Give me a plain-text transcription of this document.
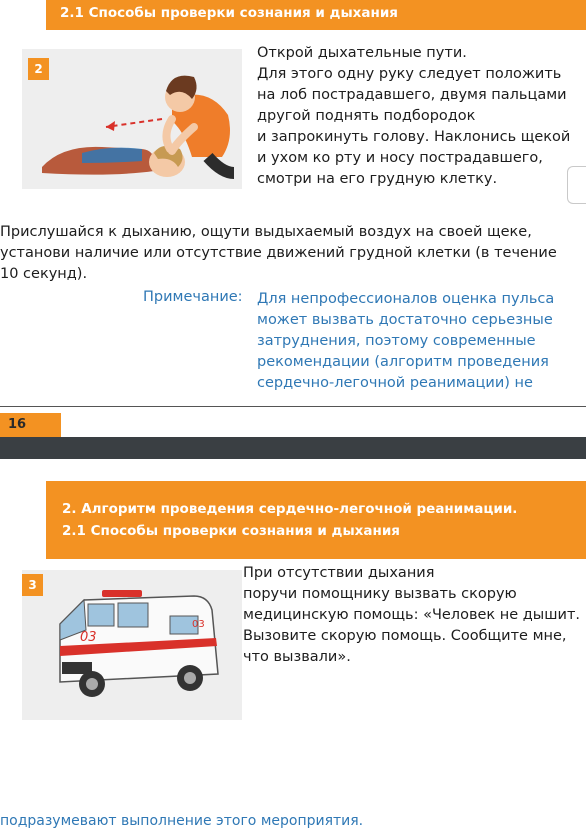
2.1 Способы проверки сознания и дыхания
2
Открой дыхательные пути.
Для этого одну руку следует положить
на лоб пострадавшего, двумя пальцами
другой поднять подбородок
и запрокинуть голову. Наклонись щекой
и ухом ко рту и носу пострадавшего,
смотри на его грудную клетку.
Прислушайся к дыханию, ощути выдыхаемый воздух на своей щеке,
установи наличие или отсутствие движений грудной клетки (в течение
10 секунд).
Примечание: Для непрофессионалов оценка пульса
может вызвать достаточно серьезные
затруднения, поэтому современные
рекомендации (алгоритм проведения
сердечно-легочной реанимации) не
16
2. Алгоритм проведения сердечно-легочной реанимации.
2.1 Способы проверки сознания и дыхания
3
03
03
При отсутствии дыхания
поручи помощнику вызвать скорую
медицинскую помощь: «Человек не дышит.
Вызовите скорую помощь. Сообщите мне,
что вызвали».
подразумевают выполнение этого мероприятия.
